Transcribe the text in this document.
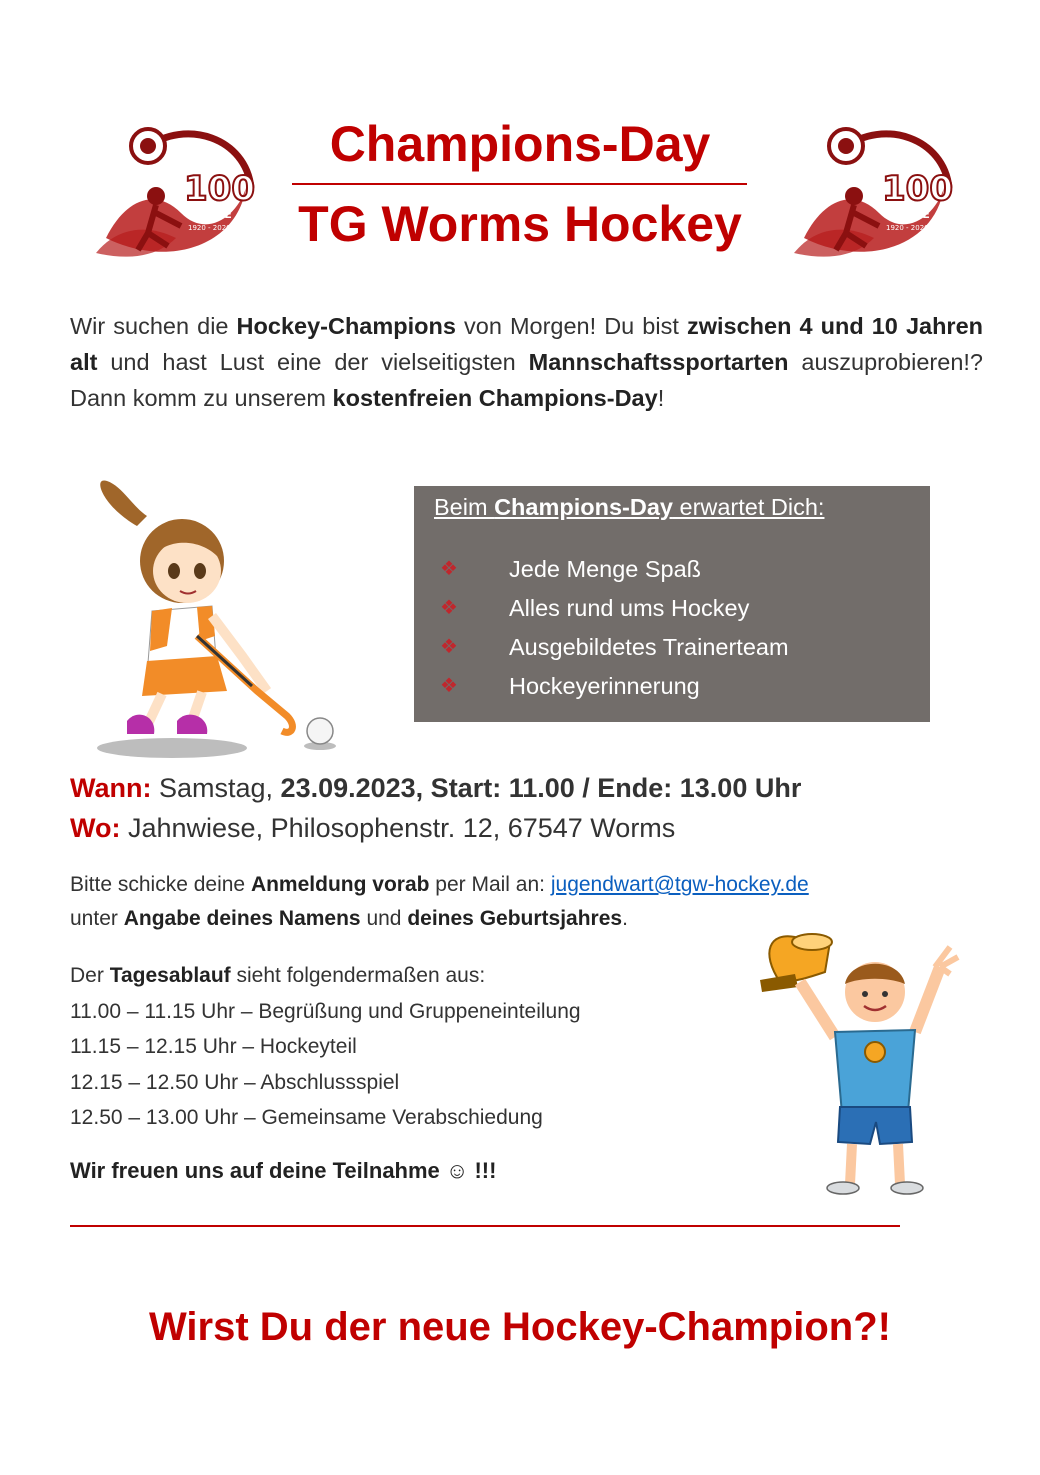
100
JAHRE
1920 - 2020
Champions-Day
TG Worms Hockey
100
JAHRE
1920 - 2020
Wir suchen die Hockey-Champions von Morgen! Du bist zwischen 4 und 10 Jahren alt und hast Lust eine der vielseitigsten Mannschaftssportarten auszuprobieren!? Dann komm zu unserem kostenfreien Champions-Day!
Beim Champions-Day erwartet Dich:
❖	Jede Menge Spaß
❖	Alles rund ums Hockey
❖	Ausgebildetes Trainerteam
❖	Hockeyerinnerung
Wann: Samstag, 23.09.2023, Start: 11.00 / Ende: 13.00 Uhr
Wo: Jahnwiese, Philosophenstr. 12, 67547 Worms
Bitte schicke deine Anmeldung vorab per Mail an: jugendwart@tgw-hockey.de
unter Angabe deines Namens und deines Geburtsjahres.
Der Tagesablauf sieht folgendermaßen aus:
11.00 – 11.15 Uhr – Begrüßung und Gruppeneinteilung
11.15 – 12.15 Uhr – Hockeyteil
12.15 – 12.50 Uhr – Abschlussspiel
12.50 – 13.00 Uhr – Gemeinsame Verabschiedung
Wir freuen uns auf deine Teilnahme ☺ !!!
Wirst Du der neue Hockey-Champion?!
